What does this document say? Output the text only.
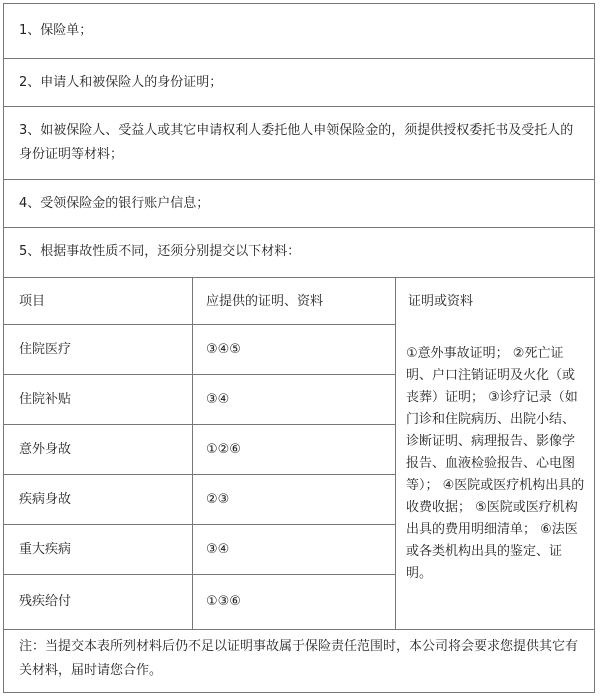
1、保险单；
2、申请人和被保险人的身份证明；
3、如被保险人、受益人或其它申请权利人委托他人申领保险金的，须提供授权委托书及受托人的身份证明等材料；
4、受领保险金的银行账户信息；
5、根据事故性质不同，还须分别提交以下材料：
项目	应提供的证明、资料	证明或资料
住院医疗	③④⑤
住院补贴	③④
意外身故	①②⑥
疾病身故	②③
重大疾病	③④
残疾给付	①③⑥
①意外事故证明； ②死亡证明、户口注销证明及火化（或丧葬）证明； ③诊疗记录（如门诊和住院病历、出院小结、诊断证明、病理报告、影像学报告、血液检验报告、心电图等）； ④医院或医疗机构出具的收费收据； ⑤医院或医疗机构出具的费用明细清单； ⑥法医或各类机构出具的鉴定、证明。
注：当提交本表所列材料后仍不足以证明事故属于保险责任范围时，本公司将会要求您提供其它有关材料，届时请您合作。
